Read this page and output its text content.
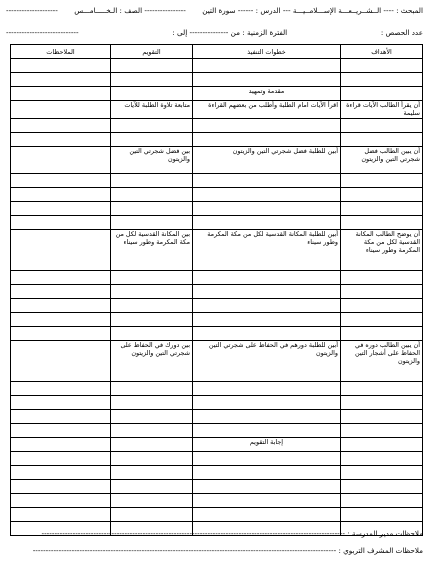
المبحث : ---- الــشــريــعـــة الإســـلامــيـــة --- الدرس : ------ سورة التين
---------------- الصف : الـخـــــامـــس
--------------------
عدد الحصص :
الفترة الزمنية : من --------------- إلى :
----------------------------
الأهداف	خطوات التنفيذ	التقويم	الملاحظات

	مقدمة وتمهيد		
أن يقرأ الطالب الآيات قراءة سليمة	اقرأ الآيات امام الطلبة وأطلب من بعضهم القراءة	متابعة تلاوة الطلبة للآيات	

أن يبين الطالب فضل شجرتي التين والزيتون	أبين للطلبة فضل شجرتي التين والزيتون	بين فضل شجرتي التين والزيتون	

أن يوضح الطالب المكانة القدسية لكل من مكة المكرمة وطور سيناء	أبين للطلبة المكانة القدسية لكل من مكة المكرمة وطور سيناء	بين المكانة القدسية لكل من مكة المكرمة وطور سيناء	

أن يبين الطالب دوره في الحفاظ على أشجار التين والزيتون	أبين للطلبة دورهم في الحفاظ على شجرتي التين والزيتون	بين دورك في الحفاظ على شجرتي التين والزيتون	

	إجابة التقويم		

ملاحظات مدير المدرسة : ---------------------------------------------------------------------------------------------------------------------
ملاحظات المشرف التربوي : ---------------------------------------------------------------------------------------------------------------------
